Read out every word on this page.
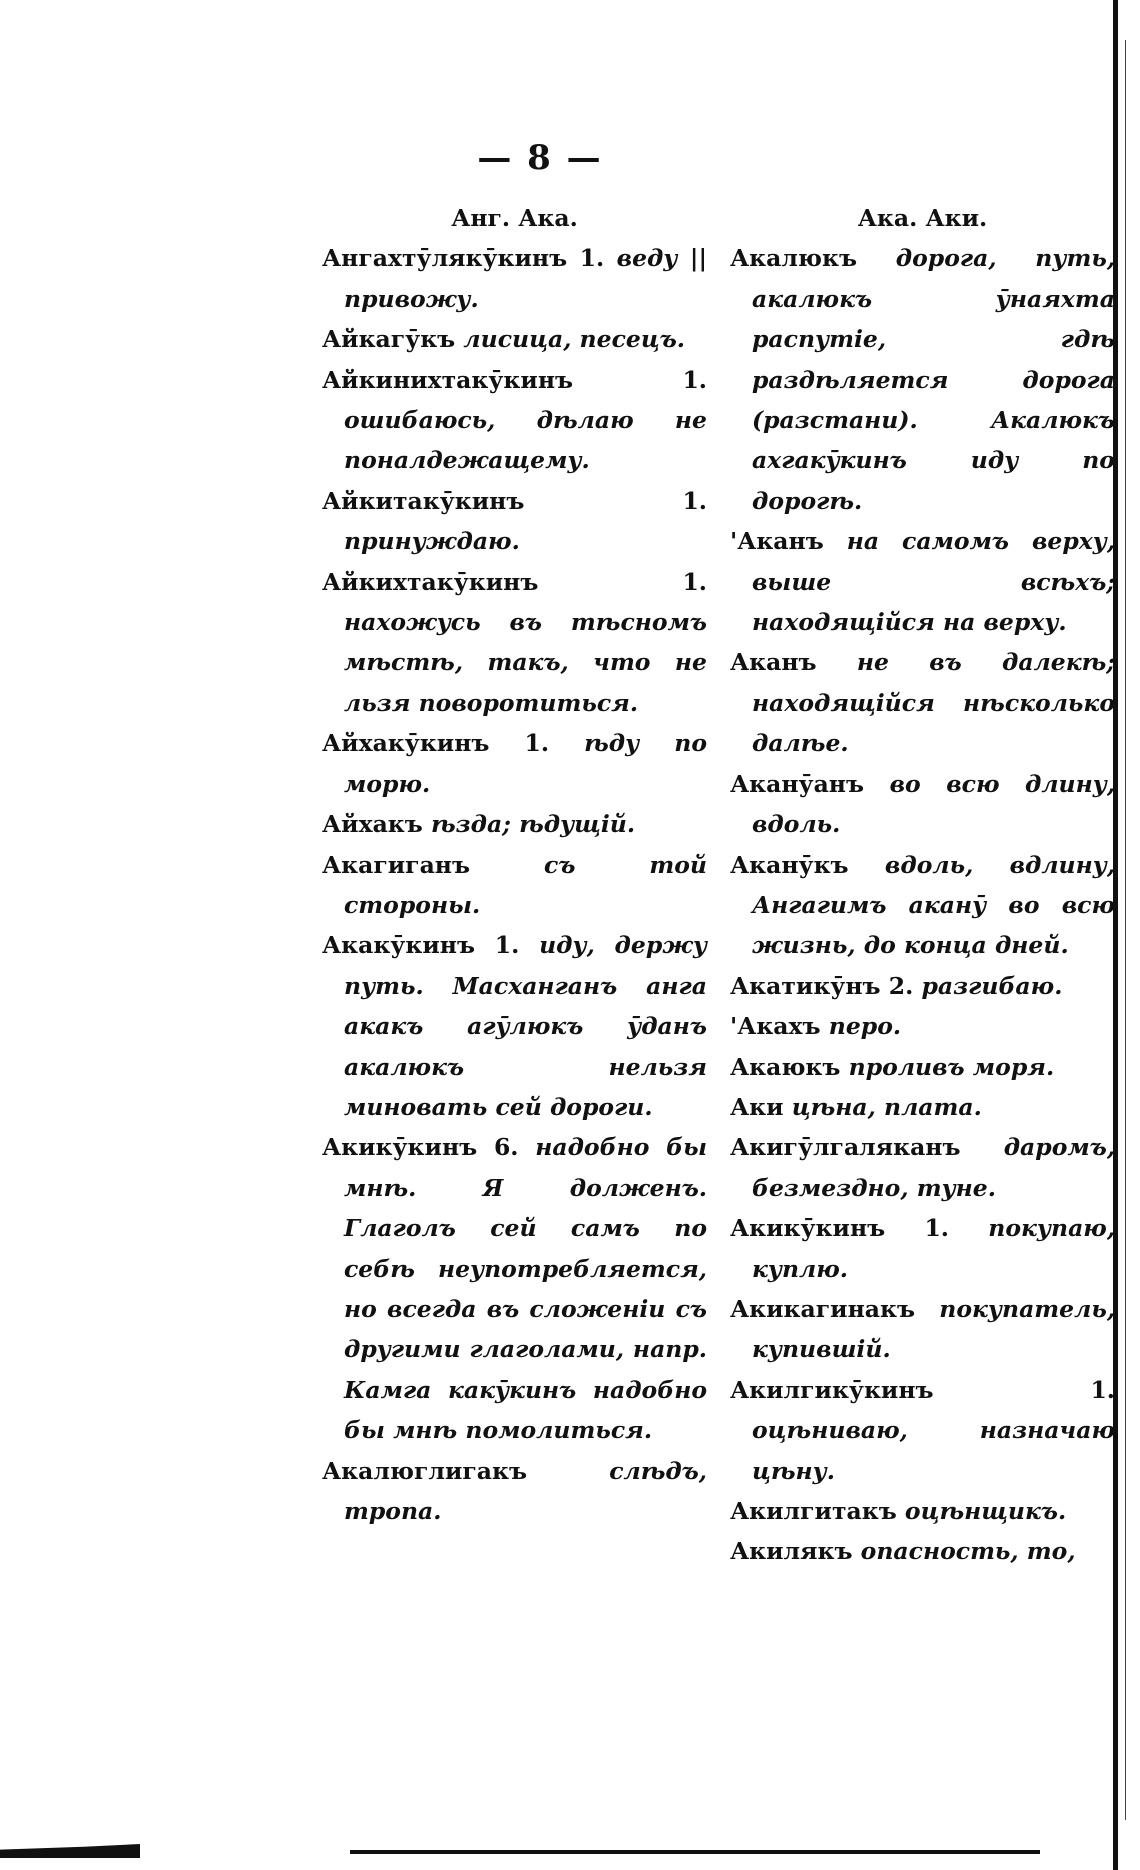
— 8 —
Анг. Ака.
Ангахтӯлякӯкинъ 1. веду || привожу.
Айкагӯкъ лисица, песецъ.
Айкинихтакӯкинъ	1. ошибаюсь, дѣлаю не поналдежащему.
Айкитакӯкинъ	1. принуждаю.
Айкихтакӯкинъ	1. нахожусь въ тѣсномъ мѣстѣ, такъ, что не льзя поворотиться.
Айхакӯкинъ 1. ѣду по морю.
Айхакъ ѣзда; ѣдущій.
Акагиганъ	съ той стороны.
Акакӯкинъ 1. иду, держу путь. Масханганъ анга акакъ агӯлюкъ ӯданъ акалюкъ нельзя миновать сей дороги.
Акикӯкинъ 6. надобно бы мнѣ. Я долженъ. Глаголъ сей самъ по себѣ неупотребляется, но всегда въ сложеніи съ другими глаголами, напр. Камга какӯкинъ надобно бы мнѣ помолиться.
Акалюглигакъ	слѣдъ, тропа.
Ака. Аки.
Акалюкъ дорога, путь, акалюкъ ӯнаяхта распутіе, гдѣ раздѣляется дорога (разстани). Акалюкъ ахгакӯкинъ иду по дорогѣ.
'Аканъ на самомъ верху, выше всѣхъ; находящійся на верху.
Аканъ не въ далекѣ; находящійся нѣсколько далѣе.
Аканӯанъ во всю длину, вдоль.
Аканӯкъ вдоль, вдлину, Ангагимъ аканӯ во всю жизнь, до конца дней.
Акатикӯнъ 2. разгибаю.
'Акахъ перо.
Акаюкъ проливъ моря.
Аки цѣна, плата.
Акигӯлгаляканъ даромъ, безмездно, туне.
Акикӯкинъ 1. покупаю, куплю.
Акикагинакъ покупатель, купившій.
Акилгикӯкинъ	1. оцѣниваю, назначаю цѣну.
Акилгитакъ оцѣнщикъ.
Акилякъ опасность, то,
